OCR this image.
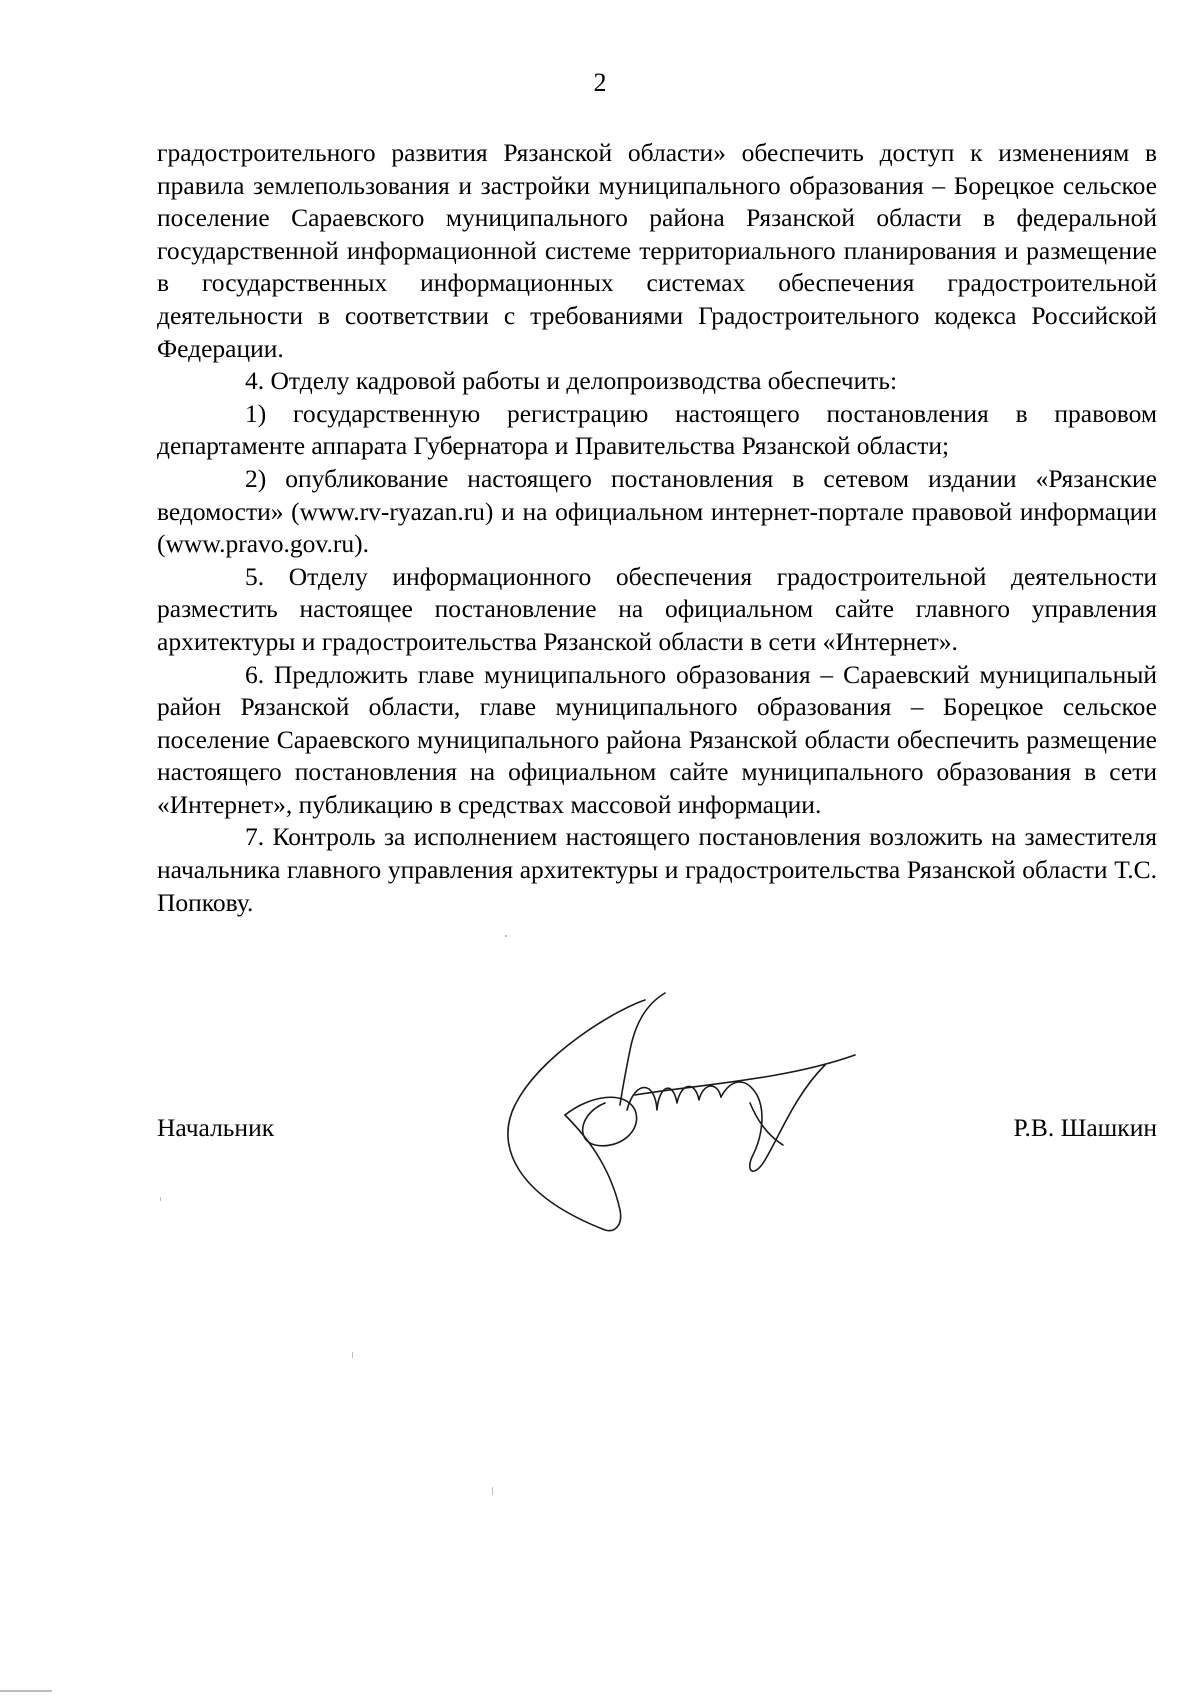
2

градостроительного развития Рязанской области» обеспечить доступ к изменениям в правила землепользования и застройки муниципального образования – Борецкое сельское поселение Сараевского муниципального района Рязанской области в федеральной государственной информационной системе территориального планирования и размещение в государственных информационных системах обеспечения градостроительной деятельности в соответствии с требованиями Градостроительного кодекса Российской Федерации.

4. Отделу кадровой работы и делопроизводства обеспечить:

1) государственную регистрацию настоящего постановления в правовом департаменте аппарата Губернатора и Правительства Рязанской области;

2) опубликование настоящего постановления в сетевом издании «Рязанские ведомости» (www.rv-ryazan.ru) и на официальном интернет-портале правовой информации (www.pravo.gov.ru).

5. Отделу информационного обеспечения градостроительной деятельности разместить настоящее постановление на официальном сайте главного управления архитектуры и градостроительства Рязанской области в сети «Интернет».

6. Предложить главе муниципального образования – Сараевский муниципальный район Рязанской области, главе муниципального образования – Борецкое сельское поселение Сараевского муниципального района Рязанской области обеспечить размещение настоящего постановления на официальном сайте муниципального образования в сети «Интернет», публикацию в средствах массовой информации.

7. Контроль за исполнением настоящего постановления возложить на заместителя начальника главного управления архитектуры и градостроительства Рязанской области Т.С. Попкову.

Начальник	Р.В. Шашкин
